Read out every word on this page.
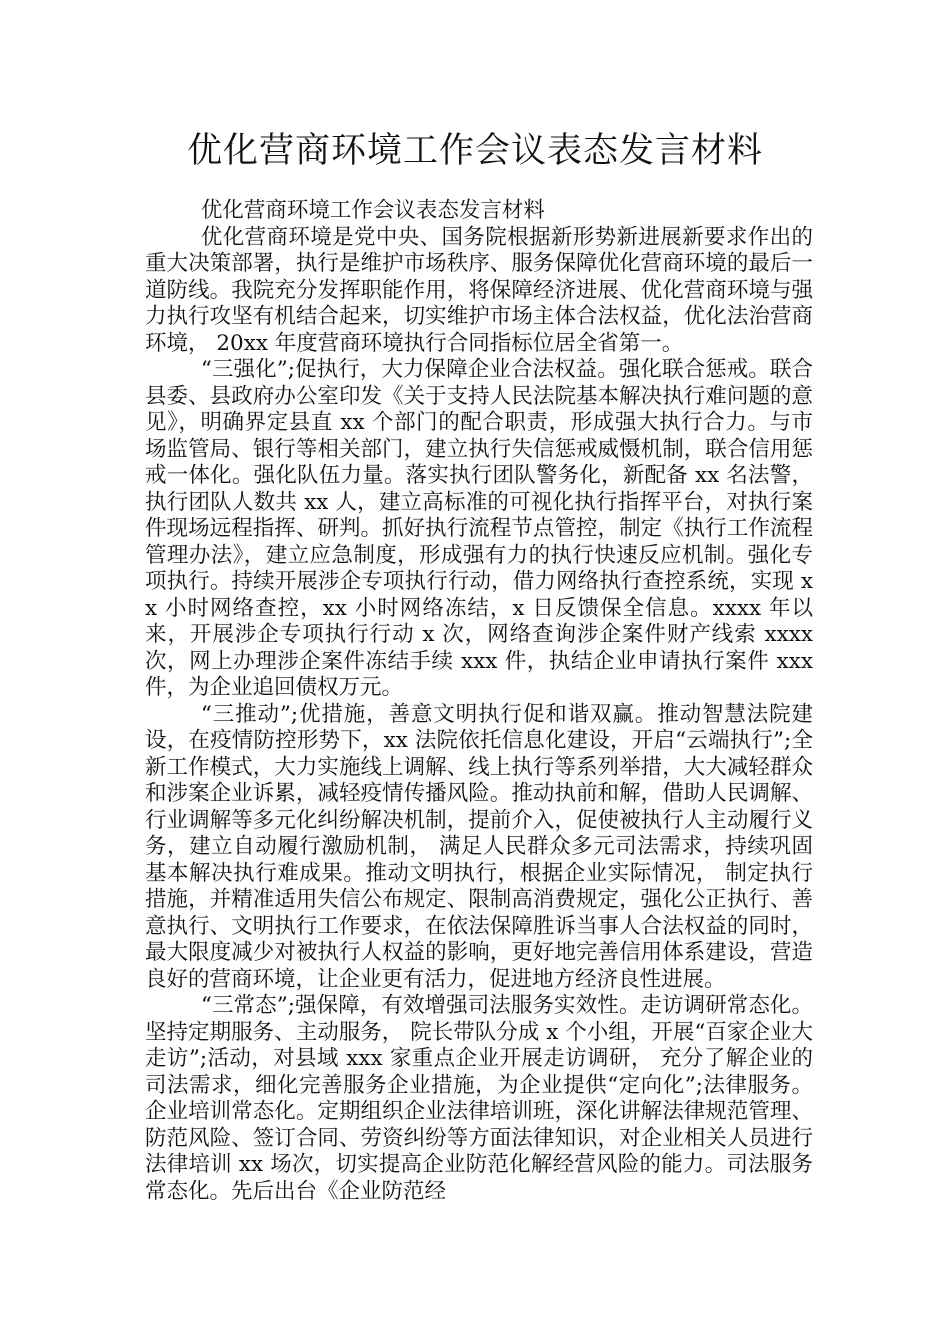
优化营商环境工作会议表态发言材料

优化营商环境工作会议表态发言材料

优化营商环境是党中央、国务院根据新形势新进展新要求作出的重大决策部署，执行是维护市场秩序、服务保障优化营商环境的最后一道防线。我院充分发挥职能作用，将保障经济进展、优化营商环境与强力执行攻坚有机结合起来，切实维护市场主体合法权益，优化法治营商环境， 20xx 年度营商环境执行合同指标位居全省第一。

“三强化”;促执行，大力保障企业合法权益。强化联合惩戒。联合县委、县政府办公室印发《关于支持人民法院基本解决执行难问题的意见》，明确界定县直 xx 个部门的配合职责，形成强大执行合力。与市场监管局、银行等相关部门，建立执行失信惩戒威慑机制，联合信用惩戒一体化。强化队伍力量。落实执行团队警务化，新配备 xx 名法警，执行团队人数共 xx 人，建立高标准的可视化执行指挥平台，对执行案件现场远程指挥、研判。抓好执行流程节点管控，制定《执行工作流程管理办法》，建立应急制度，形成强有力的执行快速反应机制。强化专项执行。持续开展涉企专项执行行动，借力网络执行查控系统，实现 xx 小时网络查控，xx 小时网络冻结，x 日反馈保全信息。xxxx 年以来，开展涉企专项执行行动 x 次，网络查询涉企案件财产线索 xxxx 次，网上办理涉企案件冻结手续 xxx 件，执结企业申请执行案件 xxx 件，为企业追回债权万元。

“三推动”;优措施，善意文明执行促和谐双赢。推动智慧法院建设，在疫情防控形势下，xx 法院依托信息化建设，开启“云端执行”;全新工作模式，大力实施线上调解、线上执行等系列举措，大大减轻群众和涉案企业诉累，减轻疫情传播风险。推动执前和解，借助人民调解、行业调解等多元化纠纷解决机制，提前介入，促使被执行人主动履行义务，建立自动履行激励机制， 满足人民群众多元司法需求，持续巩固基本解决执行难成果。推动文明执行，根据企业实际情况， 制定执行措施，并精准适用失信公布规定、限制高消费规定，强化公正执行、善意执行、文明执行工作要求，在依法保障胜诉当事人合法权益的同时，最大限度减少对被执行人权益的影响，更好地完善信用体系建设，营造良好的营商环境，让企业更有活力，促进地方经济良性进展。

“三常态”;强保障，有效增强司法服务实效性。走访调研常态化。坚持定期服务、主动服务， 院长带队分成 x 个小组，开展“百家企业大走访”;活动，对县域 xxx 家重点企业开展走访调研， 充分了解企业的司法需求，细化完善服务企业措施，为企业提供“定向化”;法律服务。企业培训常态化。定期组织企业法律培训班，深化讲解法律规范管理、防范风险、签订合同、劳资纠纷等方面法律知识，对企业相关人员进行法律培训 xx 场次，切实提高企业防范化解经营风险的能力。司法服务常态化。先后出台《企业防范经
